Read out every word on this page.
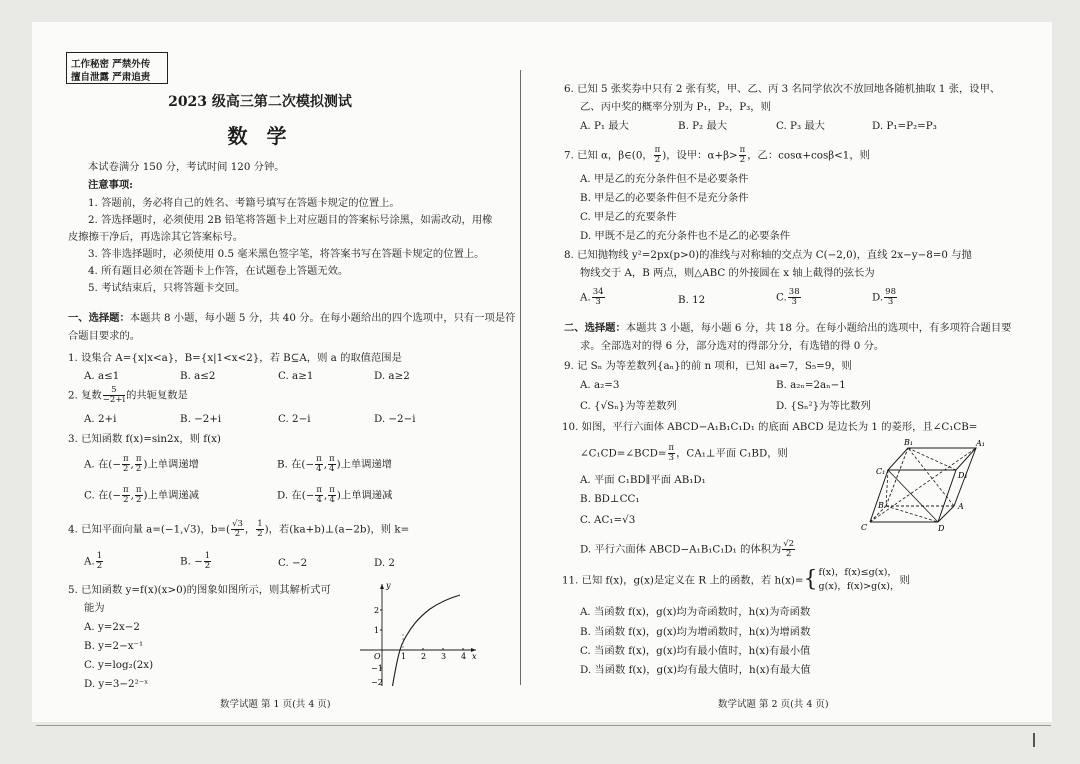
工作秘密 严禁外传
擅自泄露 严肃追责
2023 级高三第二次模拟测试
数 学
本试卷满分 150 分，考试时间 120 分钟。
注意事项:
1. 答题前，务必将自己的姓名、考籍号填写在答题卡规定的位置上。
2. 答选择题时，必须使用 2B 铅笔将答题卡上对应题目的答案标号涂黑，如需改动，用橡
皮擦擦干净后，再选涂其它答案标号。
3. 答非选择题时，必须使用 0.5 毫米黑色签字笔，将答案书写在答题卡规定的位置上。
4. 所有题目必须在答题卡上作答，在试题卷上答题无效。
5. 考试结束后，只将答题卡交回。
一、选择题：本题共 8 小题，每小题 5 分，共 40 分。在每小题给出的四个选项中，只有一项是符
合题目要求的。
1. 设集合 A={x|x<a}，B={x|1<x<2}，若 B⊆A，则 a 的取值范围是
A. a≤1	B. a≤2	C. a≥1	D. a≥2
2. 复数 $\frac{5}{-2+i}$ 的共轭复数是
A. 2+i	B. −2+i	C. 2−i	D. −2−i
3. 已知函数 f(x)=sin2x，则 f(x)
A. 在(− $\frac{\pi}{2}$ , $\frac{\pi}{2}$ )上单调递增	B. 在(− $\frac{\pi}{4}$ , $\frac{\pi}{4}$ )上单调递增
C. 在(− $\frac{\pi}{2}$ , $\frac{\pi}{2}$ )上单调递减	D. 在(− $\frac{\pi}{4}$ , $\frac{\pi}{4}$ )上单调递减
4. 已知平面向量 a=(−1,√3)，$b=( \frac{√3}{2}$ ， $\frac{1}{2}$ )，若(ka+b)⊥(a−2b)，则 k=
A. $\frac{1}{2}$	B. − $\frac{1}{2}$	C. −2	D. 2
5. 已知函数 y=f(x)(x>0)的图象如图所示，则其解析式可
能为
A. y=2x−2
B. y=2−x⁻¹
C. y=log₂(2x)
D. y=3−2²⁻ˣ
1 2 3 4
2
1
−1
−2
O	x
y
数学试题 第 1 页(共 4 页)
6. 已知 5 张奖券中只有 2 张有奖，甲、乙、丙 3 名同学依次不放回地各随机抽取 1 张，设甲、
乙、丙中奖的概率分别为 P₁，P₂，P₃，则
A. P₁ 最大	B. P₂ 最大	C. P₃ 最大	D. P₁=P₂=P₃
7. 已知 α，β∈(0， $\frac{\pi}{2}$ )，设甲：$\alpha+\beta> \frac{\pi}{2}$ ，乙：cosα+cosβ<1，则
A. 甲是乙的充分条件但不是必要条件
B. 甲是乙的必要条件但不是充分条件
C. 甲是乙的充要条件
D. 甲既不是乙的充分条件也不是乙的必要条件
8. 已知抛物线 y²=2px(p>0)的准线与对称轴的交点为 C(−2,0)，直线 2x−y−8=0 与抛
物线交于 A，B 两点，则△ABC 的外接圆在 x 轴上截得的弦长为
A. $\frac{34}{3}$	B. 12	C. $\frac{38}{3}$	D. $\frac{98}{3}$
二、选择题：本题共 3 小题，每小题 6 分，共 18 分。在每小题给出的选项中，有多项符合题目要
求。全部选对的得 6 分，部分选对的得部分分，有选错的得 0 分。
9. 记 Sₙ 为等差数列{aₙ}的前 n 项和，已知 a₄=7，S₅=9，则
A. a₂=3	B. a₂ₙ=2aₙ−1
C. {√Sₙ}为等差数列	D. {Sₙ²}为等比数列
10. 如图，平行六面体 ABCD−A₁B₁C₁D₁ 的底面 ABCD 是边长为 1 的菱形，且∠C₁CB=
∠C₁CD=∠BCD= $\frac{\pi}{3}$ ，CA₁⊥平面 C₁BD，则
A. 平面 C₁BD∥平面 AB₁D₁
B. BD⊥CC₁
C. AC₁=√3
D. 平行六面体 ABCD−A₁B₁C₁D₁ 的体积为 $\frac{√2}{2}$
B₁	A₁
C₁	D₁
A
B
C	D
11. 已知 f(x)，g(x)是定义在 R 上的函数，若 h(x)={ f(x)，f(x)≤g(x)，
g(x)，f(x)>g(x)，
则
A. 当函数 f(x)，g(x)均为奇函数时，h(x)为奇函数
B. 当函数 f(x)，g(x)均为增函数时，h(x)为增函数
C. 当函数 f(x)，g(x)均有最小值时，h(x)有最小值
D. 当函数 f(x)，g(x)均有最大值时，h(x)有最大值
数学试题 第 2 页(共 4 页)
